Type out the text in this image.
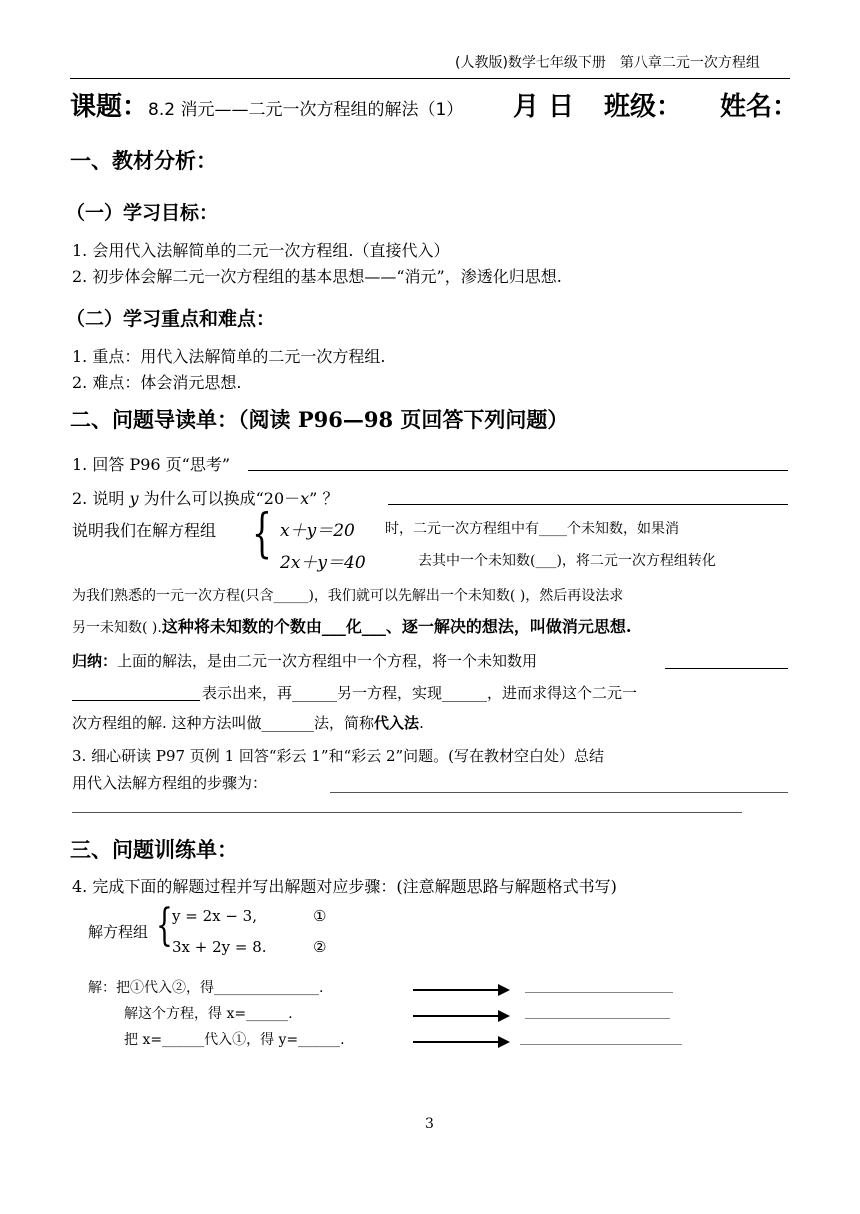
(人教版)数学七年级下册　第八章二元一次方程组
课题：8.2 消元——二元一次方程组的解法（1） 月 日 班级： 姓名：
一、教材分析：
（一）学习目标：
1. 会用代入法解简单的二元一次方程组.（直接代入）
2. 初步体会解二元一次方程组的基本思想——“消元”，渗透化归思想.
（二）学习重点和难点：
1. 重点：用代入法解简单的二元一次方程组.
2. 难点：体会消元思想.
二、问题导读单：（阅读 P96—98 页回答下列问题）
1. 回答 P96 页“思考”
2. 说明 y 为什么可以换成“20－x” ？
说明我们在解方程组 { x＋y＝20 时，二元一次方程组中有____个未知数，如果消
2x＋y＝40	去其中一个未知数(___)，将二元一次方程组转化
为我们熟悉的一元一次方程(只含_____)，我们就可以先解出一个未知数( )，然后再设法求
另一未知数( ).这种将未知数的个数由___化___、逐一解决的想法，叫做消元思想.
归纳：上面的解法，是由二元一次方程组中一个方程，将一个未知数用
表示出来，再______另一方程，实现______，进而求得这个二元一
次方程组的解. 这种方法叫做_______法，简称代入法.
3. 细心研读 P97 页例 1 回答“彩云 1”和“彩云 2”问题。(写在教材空白处）总结
用代入法解方程组的步骤为：
三、问题训练单：
4. 完成下面的解题过程并写出解题对应步骤：(注意解题思路与解题格式书写)
解方程组 { y = 2x − 3,	①
3x + 2y = 8.	②
解：把①代入②，得_______________.
解这个方程，得 x=______.
把 x=______代入①，得 y=______.
3
